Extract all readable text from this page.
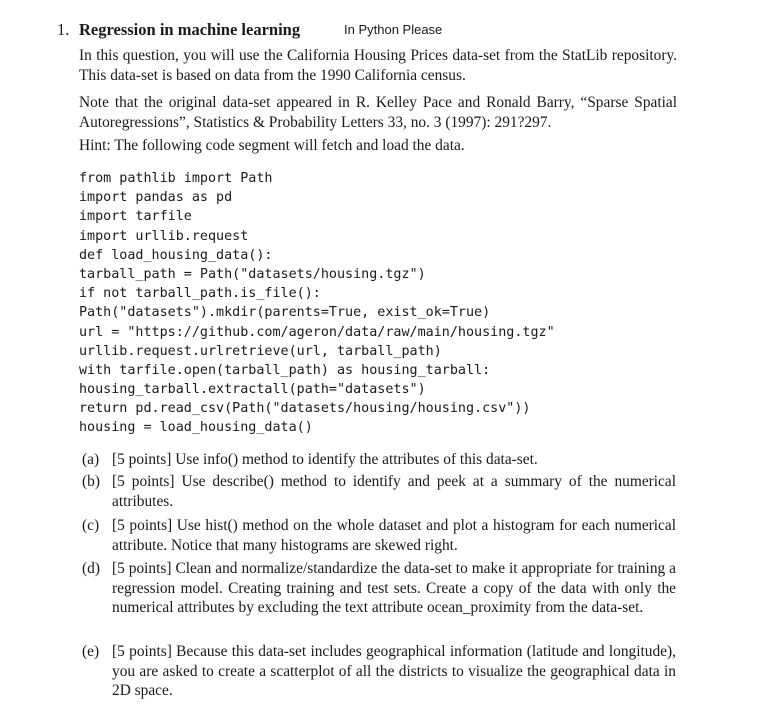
1. Regression in machine learning	In Python Please

In this question, you will use the California Housing Prices data-set from the StatLib repository. This data-set is based on data from the 1990 California census.

Note that the original data-set appeared in R. Kelley Pace and Ronald Barry, “Sparse Spatial Autoregressions”, Statistics & Probability Letters 33, no. 3 (1997): 291?297.

Hint: The following code segment will fetch and load the data.

from pathlib import Path
import pandas as pd
import tarfile
import urllib.request
def load_housing_data():
tarball_path = Path("datasets/housing.tgz")
if not tarball_path.is_file():
Path("datasets").mkdir(parents=True, exist_ok=True)
url = "https://github.com/ageron/data/raw/main/housing.tgz"
urllib.request.urlretrieve(url, tarball_path)
with tarfile.open(tarball_path) as housing_tarball:
housing_tarball.extractall(path="datasets")
return pd.read_csv(Path("datasets/housing/housing.csv"))
housing = load_housing_data()
(a) [5 points] Use info() method to identify the attributes of this data-set.
(b) [5 points] Use describe() method to identify and peek at a summary of the numerical attributes.
(c) [5 points] Use hist() method on the whole dataset and plot a histogram for each numerical attribute. Notice that many histograms are skewed right.
(d) [5 points] Clean and normalize/standardize the data-set to make it appropriate for training a regression model. Creating training and test sets. Create a copy of the data with only the numerical attributes by excluding the text attribute ocean_proximity from the data-set.
(e) [5 points] Because this data-set includes geographical information (latitude and longitude), you are asked to create a scatterplot of all the districts to visualize the geographical data in 2D space.
